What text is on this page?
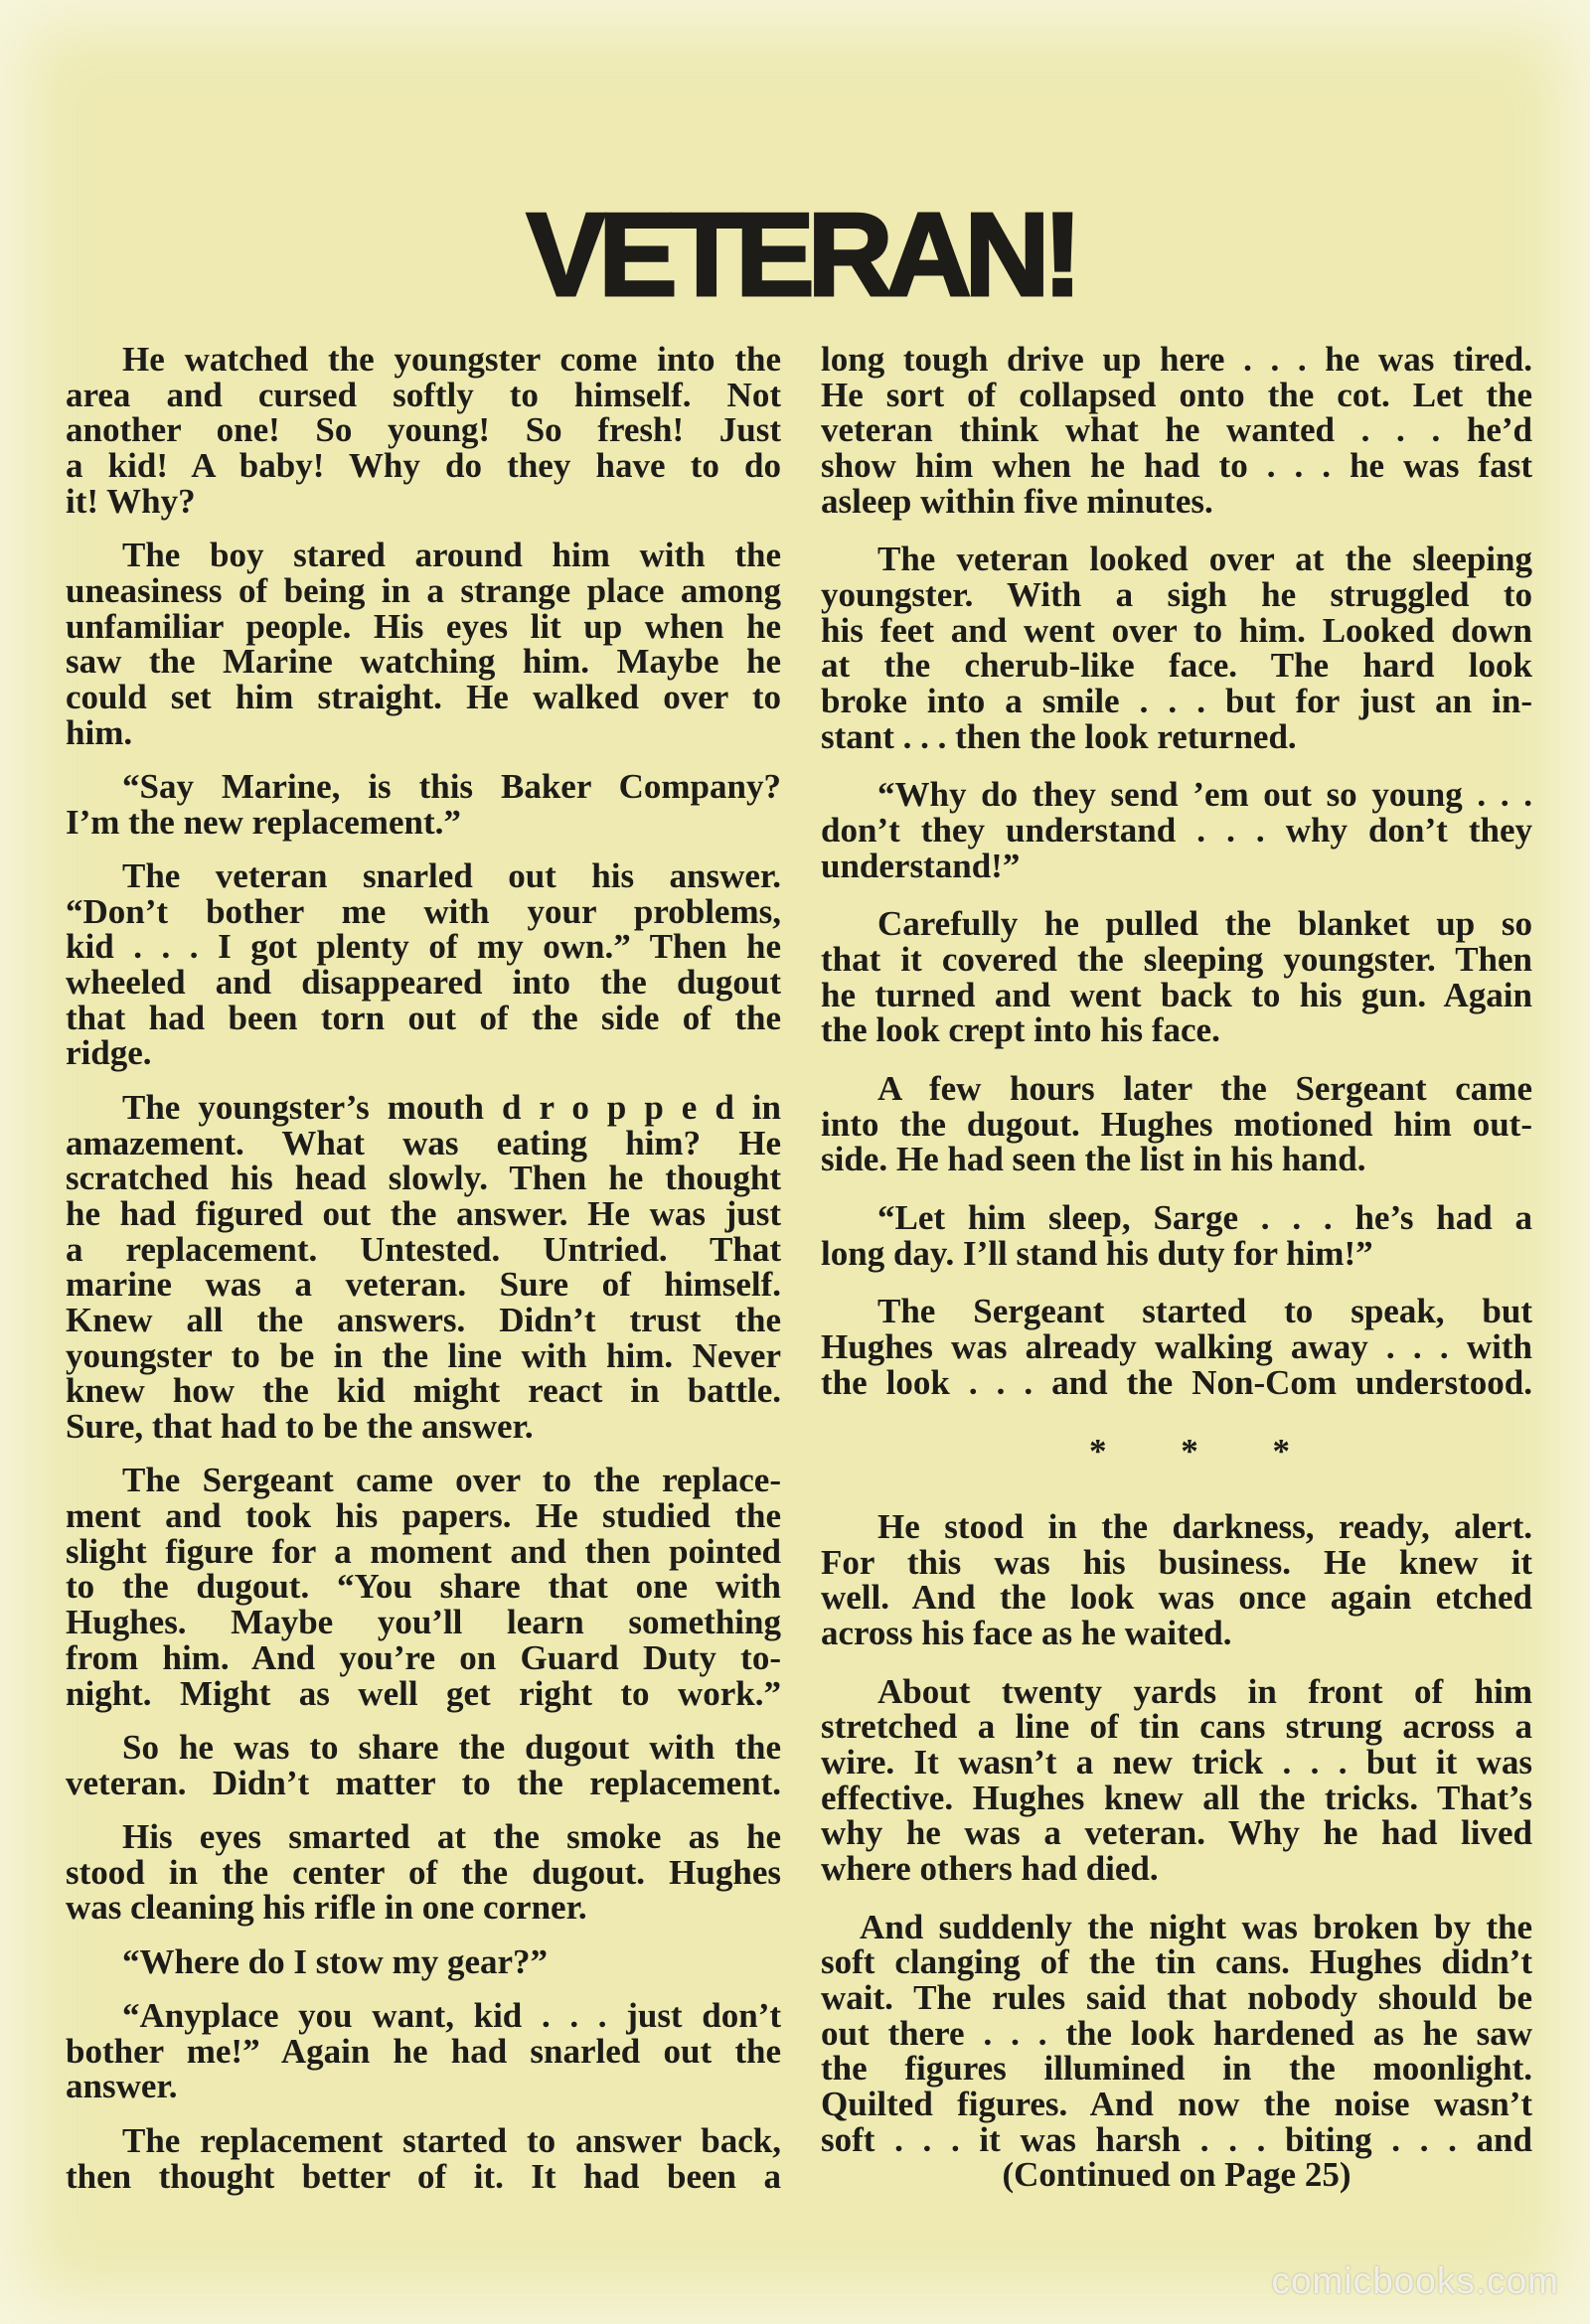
VETERAN!
He watched the youngster come into the
area and cursed softly to himself. Not
another one! So young! So fresh! Just
a kid! A baby! Why do they have to do
it! Why?
The boy stared around him with the
uneasiness of being in a strange place among
unfamiliar people. His eyes lit up when he
saw the Marine watching him. Maybe he
could set him straight. He walked over to
him.
“Say Marine, is this Baker Company?
I’m the new replacement.”
The veteran snarled out his answer.
“Don’t bother me with your problems,
kid . . . I got plenty of my own.” Then he
wheeled and disappeared into the dugout
that had been torn out of the side of the
ridge.
The youngster’s mouth d r o p p e d in
amazement. What was eating him? He
scratched his head slowly. Then he thought
he had figured out the answer. He was just
a replacement. Untested. Untried. That
marine was a veteran. Sure of himself.
Knew all the answers. Didn’t trust the
youngster to be in the line with him. Never
knew how the kid might react in battle.
Sure, that had to be the answer.
The Sergeant came over to the replace-
ment and took his papers. He studied the
slight figure for a moment and then pointed
to the dugout. “You share that one with
Hughes. Maybe you’ll learn something
from him. And you’re on Guard Duty to-
night. Might as well get right to work.”
So he was to share the dugout with the
veteran. Didn’t matter to the replacement.
His eyes smarted at the smoke as he
stood in the center of the dugout. Hughes
was cleaning his rifle in one corner.
“Where do I stow my gear?”
“Anyplace you want, kid . . . just don’t
bother me!” Again he had snarled out the
answer.
The replacement started to answer back,
then thought better of it. It had been a
long tough drive up here . . . he was tired.
He sort of collapsed onto the cot. Let the
veteran think what he wanted . . . he’d
show him when he had to . . . he was fast
asleep within five minutes.
The veteran looked over at the sleeping
youngster. With a sigh he struggled to
his feet and went over to him. Looked down
at the cherub-like face. The hard look
broke into a smile . . . but for just an in-
stant . . . then the look returned.
“Why do they send ’em out so young . . .
don’t they understand . . . why don’t they
understand!”
Carefully he pulled the blanket up so
that it covered the sleeping youngster. Then
he turned and went back to his gun. Again
the look crept into his face.
A few hours later the Sergeant came
into the dugout. Hughes motioned him out-
side. He had seen the list in his hand.
“Let him sleep, Sarge . . . he’s had a
long day. I’ll stand his duty for him!”
The Sergeant started to speak, but
Hughes was already walking away . . . with
the look . . . and the Non-Com understood.
* * *
He stood in the darkness, ready, alert.
For this was his business. He knew it
well. And the look was once again etched
across his face as he waited.
About twenty yards in front of him
stretched a line of tin cans strung across a
wire. It wasn’t a new trick . . . but it was
effective. Hughes knew all the tricks. That’s
why he was a veteran. Why he had lived
where others had died.
And suddenly the night was broken by the
soft clanging of the tin cans. Hughes didn’t
wait. The rules said that nobody should be
out there . . . the look hardened as he saw
the figures illumined in the moonlight.
Quilted figures. And now the noise wasn’t
soft . . . it was harsh . . . biting . . . and
(Continued on Page 25)
comicbooks.com
